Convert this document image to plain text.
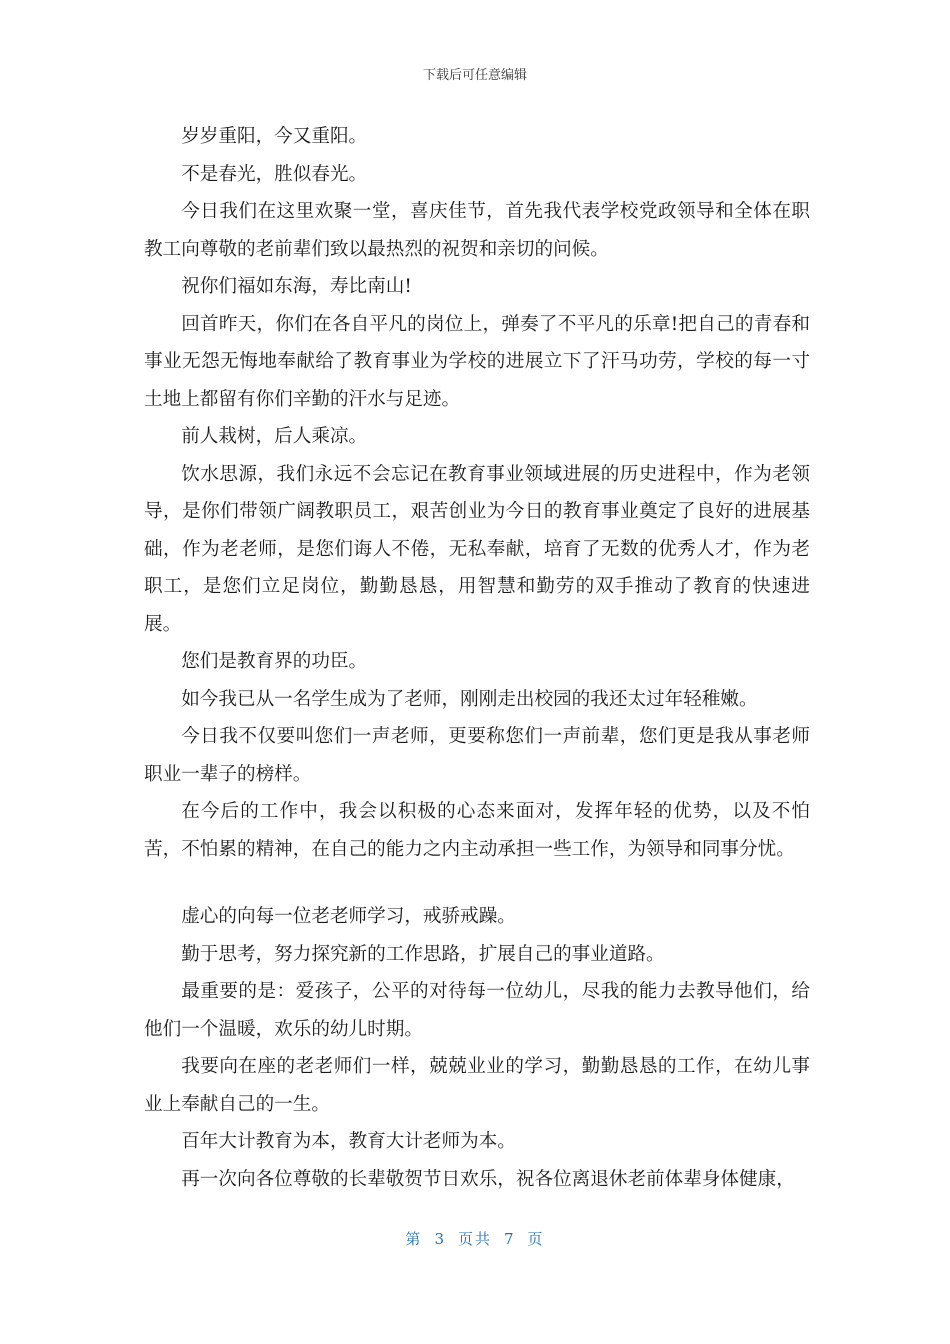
下载后可任意编辑

岁岁重阳，今又重阳。

不是春光，胜似春光。

今日我们在这里欢聚一堂，喜庆佳节，首先我代表学校党政领导和全体在职教工向尊敬的老前辈们致以最热烈的祝贺和亲切的问候。

祝你们福如东海，寿比南山!

回首昨天，你们在各自平凡的岗位上，弹奏了不平凡的乐章!把自己的青春和事业无怨无悔地奉献给了教育事业为学校的进展立下了汗马功劳，学校的每一寸土地上都留有你们辛勤的汗水与足迹。

前人栽树，后人乘凉。

饮水思源，我们永远不会忘记在教育事业领域进展的历史进程中，作为老领导，是你们带领广阔教职员工，艰苦创业为今日的教育事业奠定了良好的进展基础，作为老老师，是您们诲人不倦，无私奉献，培育了无数的优秀人才，作为老职工，是您们立足岗位，勤勤恳恳，用智慧和勤劳的双手推动了教育的快速进展。

您们是教育界的功臣。

如今我已从一名学生成为了老师，刚刚走出校园的我还太过年轻稚嫩。

今日我不仅要叫您们一声老师，更要称您们一声前辈，您们更是我从事老师职业一辈子的榜样。

在今后的工作中，我会以积极的心态来面对，发挥年轻的优势，以及不怕苦，不怕累的精神，在自己的能力之内主动承担一些工作，为领导和同事分忧。

虚心的向每一位老老师学习，戒骄戒躁。

勤于思考，努力探究新的工作思路，扩展自己的事业道路。

最重要的是：爱孩子，公平的对待每一位幼儿，尽我的能力去教导他们，给他们一个温暖，欢乐的幼儿时期。

我要向在座的老老师们一样，兢兢业业的学习，勤勤恳恳的工作，在幼儿事业上奉献自己的一生。

百年大计教育为本，教育大计老师为本。

再一次向各位尊敬的长辈敬贺节日欢乐，祝各位离退休老前体辈身体健康，

第 3 页共 7 页
